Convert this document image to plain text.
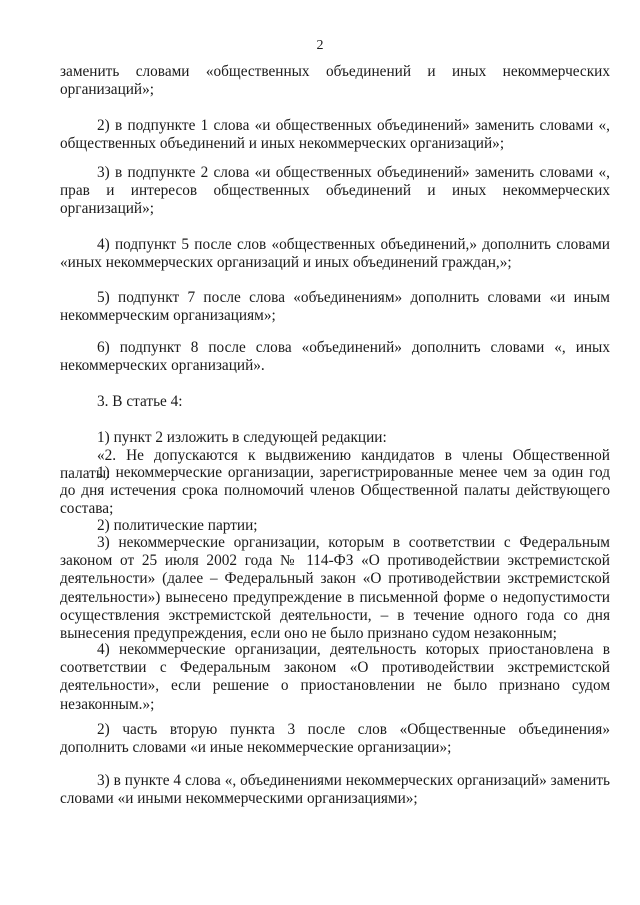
2

заменить словами «общественных объединений и иных некоммерческих организаций»;

2) в подпункте 1 слова «и общественных объединений» заменить словами «, общественных объединений и иных некоммерческих организаций»;

3) в подпункте 2 слова «и общественных объединений» заменить словами «, прав и интересов общественных объединений и иных некоммерческих организаций»;

4) подпункт 5 после слов «общественных объединений,» дополнить словами «иных некоммерческих организаций и иных объединений граждан,»;

5) подпункт 7 после слова «объединениям» дополнить словами «и иным некоммерческим организациям»;

6) подпункт 8 после слова «объединений» дополнить словами «, иных некоммерческих организаций».

3. В статье 4:

1) пункт 2 изложить в следующей редакции:

«2. Не допускаются к выдвижению кандидатов в члены Общественной палаты:

1) некоммерческие организации, зарегистрированные менее чем за один год до дня истечения срока полномочий членов Общественной палаты действующего состава;

2) политические партии;

3) некоммерческие организации, которым в соответствии с Федеральным законом от 25 июля 2002 года № 114-ФЗ «О противодействии экстремистской деятельности» (далее – Федеральный закон «О противодействии экстремистской деятельности») вынесено предупреждение в письменной форме о недопустимости осуществления экстремистской деятельности, – в течение одного года со дня вынесения предупреждения, если оно не было признано судом незаконным;

4) некоммерческие организации, деятельность которых приостановлена в соответствии с Федеральным законом «О противодействии экстремистской деятельности», если решение о приостановлении не было признано судом незаконным.»;

2) часть вторую пункта 3 после слов «Общественные объединения» дополнить словами «и иные некоммерческие организации»;

3) в пункте 4 слова «, объединениями некоммерческих организаций» заменить словами «и иными некоммерческими организациями»;
